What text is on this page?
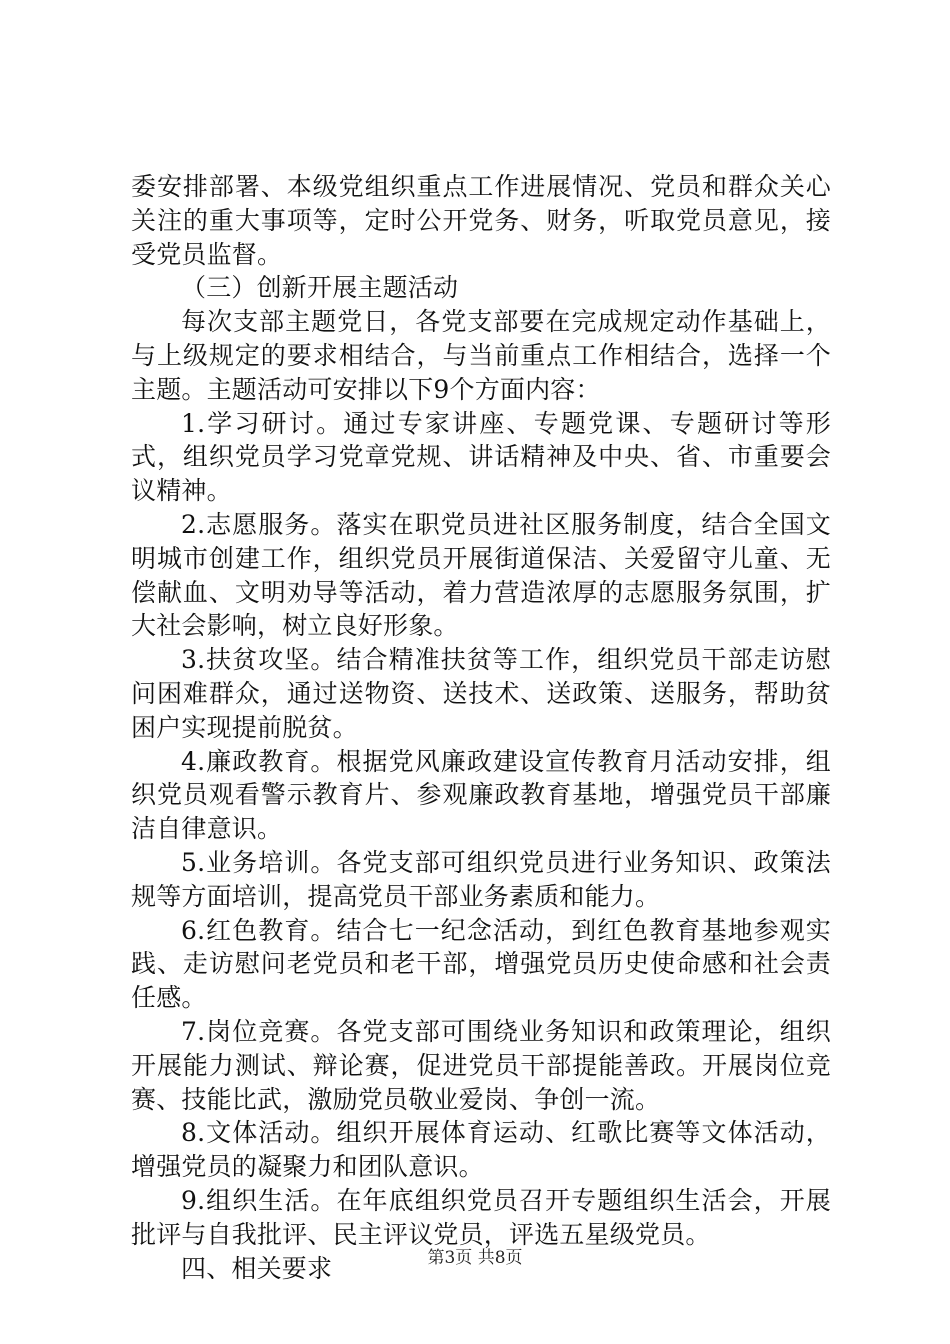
委安排部署、本级党组织重点工作进展情况、党员和群众关心关注的重大事项等，定时公开党务、财务，听取党员意见，接受党员监督。

（三）创新开展主题活动

每次支部主题党日，各党支部要在完成规定动作基础上，与上级规定的要求相结合，与当前重点工作相结合，选择一个主题。主题活动可安排以下9个方面内容：

1.学习研讨。通过专家讲座、专题党课、专题研讨等形式，组织党员学习党章党规、讲话精神及中央、省、市重要会议精神。

2.志愿服务。落实在职党员进社区服务制度，结合全国文明城市创建工作，组织党员开展街道保洁、关爱留守儿童、无偿献血、文明劝导等活动，着力营造浓厚的志愿服务氛围，扩大社会影响，树立良好形象。

3.扶贫攻坚。结合精准扶贫等工作，组织党员干部走访慰问困难群众，通过送物资、送技术、送政策、送服务，帮助贫困户实现提前脱贫。

4.廉政教育。根据党风廉政建设宣传教育月活动安排，组织党员观看警示教育片、参观廉政教育基地，增强党员干部廉洁自律意识。

5.业务培训。各党支部可组织党员进行业务知识、政策法规等方面培训，提高党员干部业务素质和能力。

6.红色教育。结合七一纪念活动，到红色教育基地参观实践、走访慰问老党员和老干部，增强党员历史使命感和社会责任感。

7.岗位竞赛。各党支部可围绕业务知识和政策理论，组织开展能力测试、辩论赛，促进党员干部提能善政。开展岗位竞赛、技能比武，激励党员敬业爱岗、争创一流。

8.文体活动。组织开展体育运动、红歌比赛等文体活动，增强党员的凝聚力和团队意识。

9.组织生活。在年底组织党员召开专题组织生活会，开展批评与自我批评、民主评议党员，评选五星级党员。

四、相关要求	第3页 共8页
